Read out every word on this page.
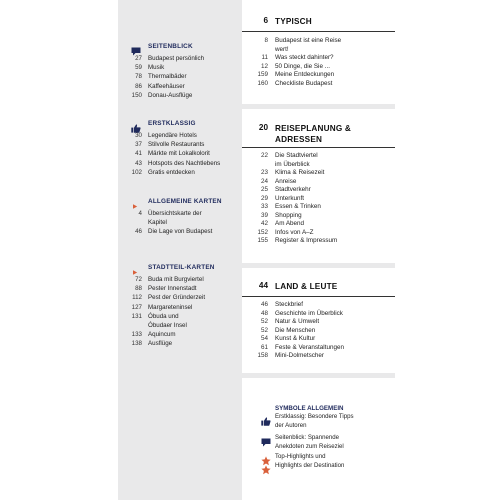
SEITENBLICK
27 Budapest persönlich
59 Musik
78 Thermalbäder
86 Kaffeehäuser
150 Donau-Ausflüge
ERSTKLASSIG
30 Legendäre Hotels
37 Stilvolle Restaurants
41 Märkte mit Lokalkolorit
43 Hotspots des Nachtlebens
102 Gratis entdecken
ALLGEMEINE KARTEN
4 Übersichtskarte der
Kapitel
46 Die Lage von Budapest
STADTTEIL-KARTEN
72 Buda mit Burgviertel
88 Pester Innenstadt
112 Pest der Gründerzeit
127 Margareteninsel
131 Óbuda und
Óbudaer Insel
133 Aquincum
138 Ausflüge
6 TYPISCH
8 Budapest ist eine Reise
wert!
11 Was steckt dahinter?
12 50 Dinge, die Sie ...
159 Meine Entdeckungen
160 Checkliste Budapest
20 REISEPLANUNG &
ADRESSEN
22 Die Stadtviertel
im Überblick
23 Klima & Reisezeit
24 Anreise
25 Stadtverkehr
29 Unterkunft
33 Essen & Trinken
39 Shopping
42 Am Abend
152 Infos von A–Z
155 Register & Impressum
44 LAND & LEUTE
46 Steckbrief
48 Geschichte im Überblick
52 Natur & Umwelt
52 Die Menschen
54 Kunst & Kultur
61 Feste & Veranstaltungen
158 Mini-Dolmetscher
SYMBOLE ALLGEMEIN
Erstklassig: Besondere Tipps
der Autoren
Seitenblick: Spannende
Anekdoten zum Reiseziel
Top-Highlights und
Highlights der Destination
